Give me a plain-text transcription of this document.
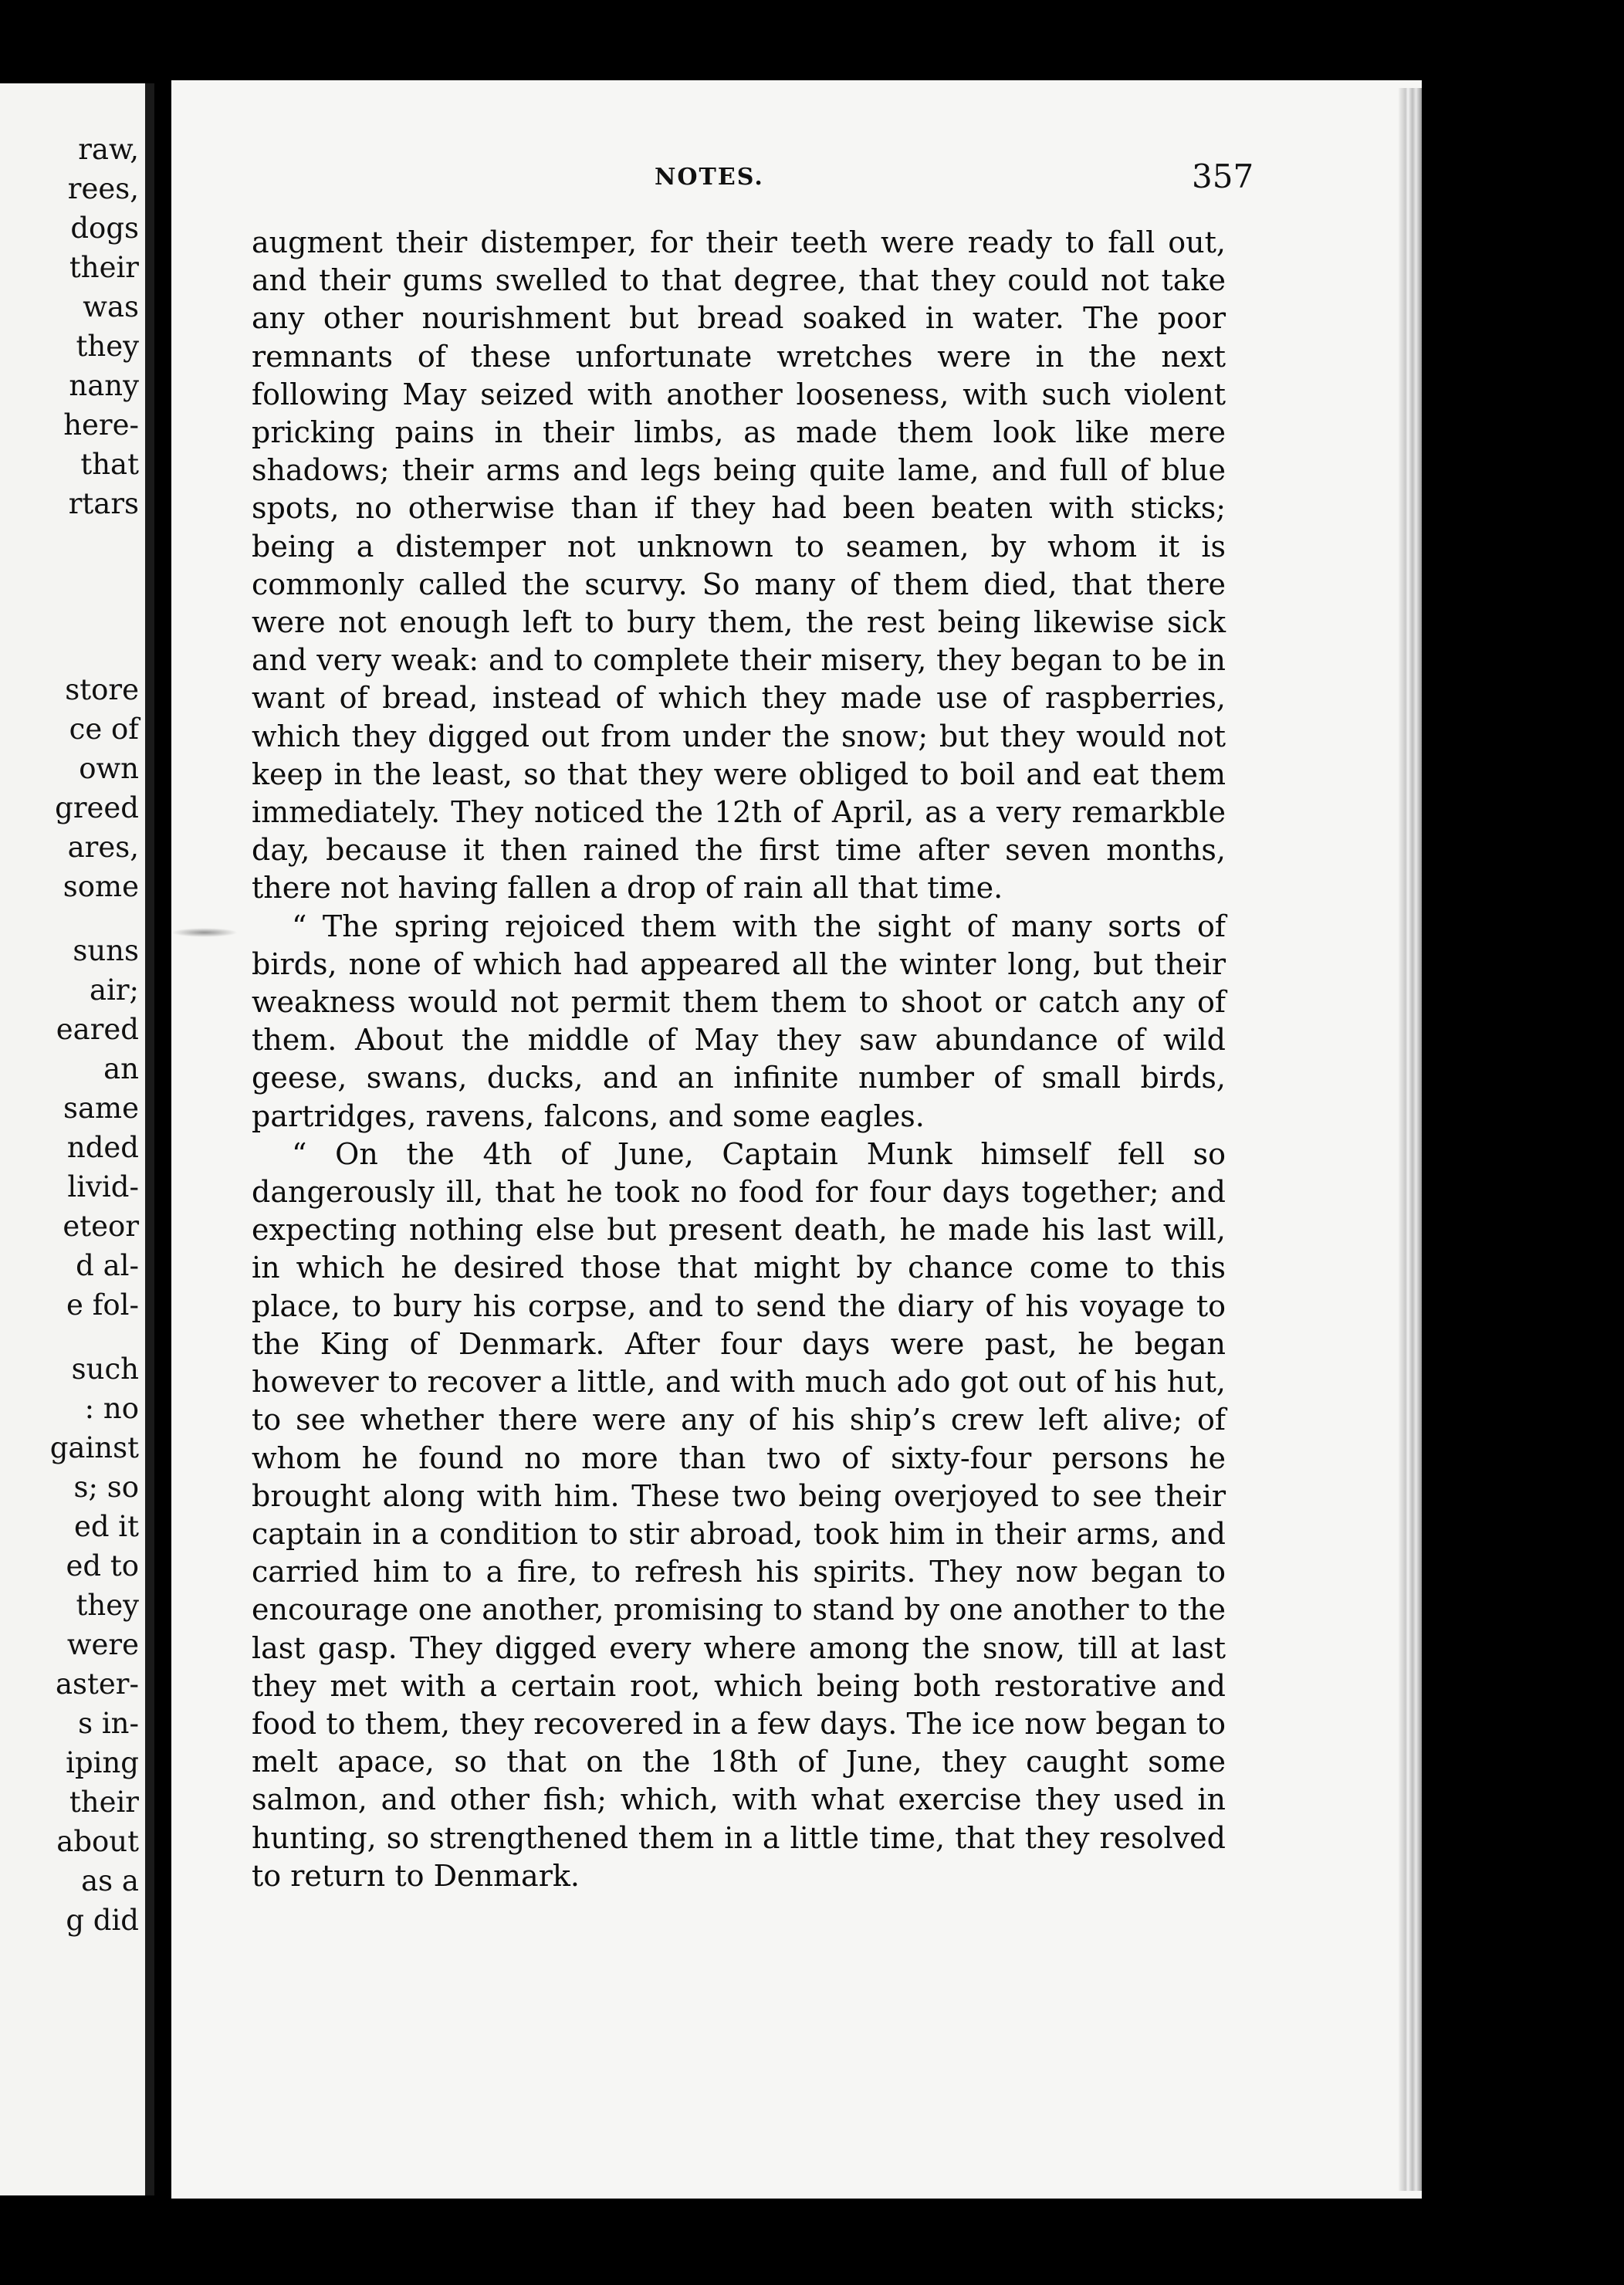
raw,
rees,
dogs
their
was
they
nany
here-
that
rtars
store
ce of
own
greed
ares,
some
suns
air;
eared
an
same
nded
livid-
eteor
d al-
e fol-
such
: no
gainst
s; so
ed it
ed to
they
were
aster-
s in-
iping
their
about
as a
g did
NOTES.	357

augment their distemper, for their teeth were ready to fall out, and their gums swelled to that degree, that they could not take any other nourishment but bread soaked in water. The poor remnants of these unfortunate wretches were in the next following May seized with another looseness, with such violent pricking pains in their limbs, as made them look like mere shadows; their arms and legs being quite lame, and full of blue spots, no otherwise than if they had been beaten with sticks; being a distemper not unknown to seamen, by whom it is commonly called the scurvy. So many of them died, that there were not enough left to bury them, the rest being likewise sick and very weak: and to complete their misery, they began to be in want of bread, instead of which they made use of raspberries, which they digged out from under the snow; but they would not keep in the least, so that they were obliged to boil and eat them immediately. They noticed the 12th of April, as a very remarkble day, because it then rained the first time after seven months, there not having fallen a drop of rain all that time.

“ The spring rejoiced them with the sight of many sorts of birds, none of which had appeared all the winter long, but their weakness would not permit them them to shoot or catch any of them. About the middle of May they saw abundance of wild geese, swans, ducks, and an infinite number of small birds, partridges, ravens, falcons, and some eagles.

“ On the 4th of June, Captain Munk himself fell so dangerously ill, that he took no food for four days together; and expecting nothing else but present death, he made his last will, in which he desired those that might by chance come to this place, to bury his corpse, and to send the diary of his voyage to the King of Denmark. After four days were past, he began however to recover a little, and with much ado got out of his hut, to see whether there were any of his ship’s crew left alive; of whom he found no more than two of sixty-four persons he brought along with him. These two being overjoyed to see their captain in a condition to stir abroad, took him in their arms, and carried him to a fire, to refresh his spirits. They now began to encourage one another, promising to stand by one another to the last gasp. They digged every where among the snow, till at last they met with a certain root, which being both restorative and food to them, they recovered in a few days. The ice now began to melt apace, so that on the 18th of June, they caught some salmon, and other fish; which, with what exercise they used in hunting, so strengthened them in a little time, that they resolved to return to Denmark.
